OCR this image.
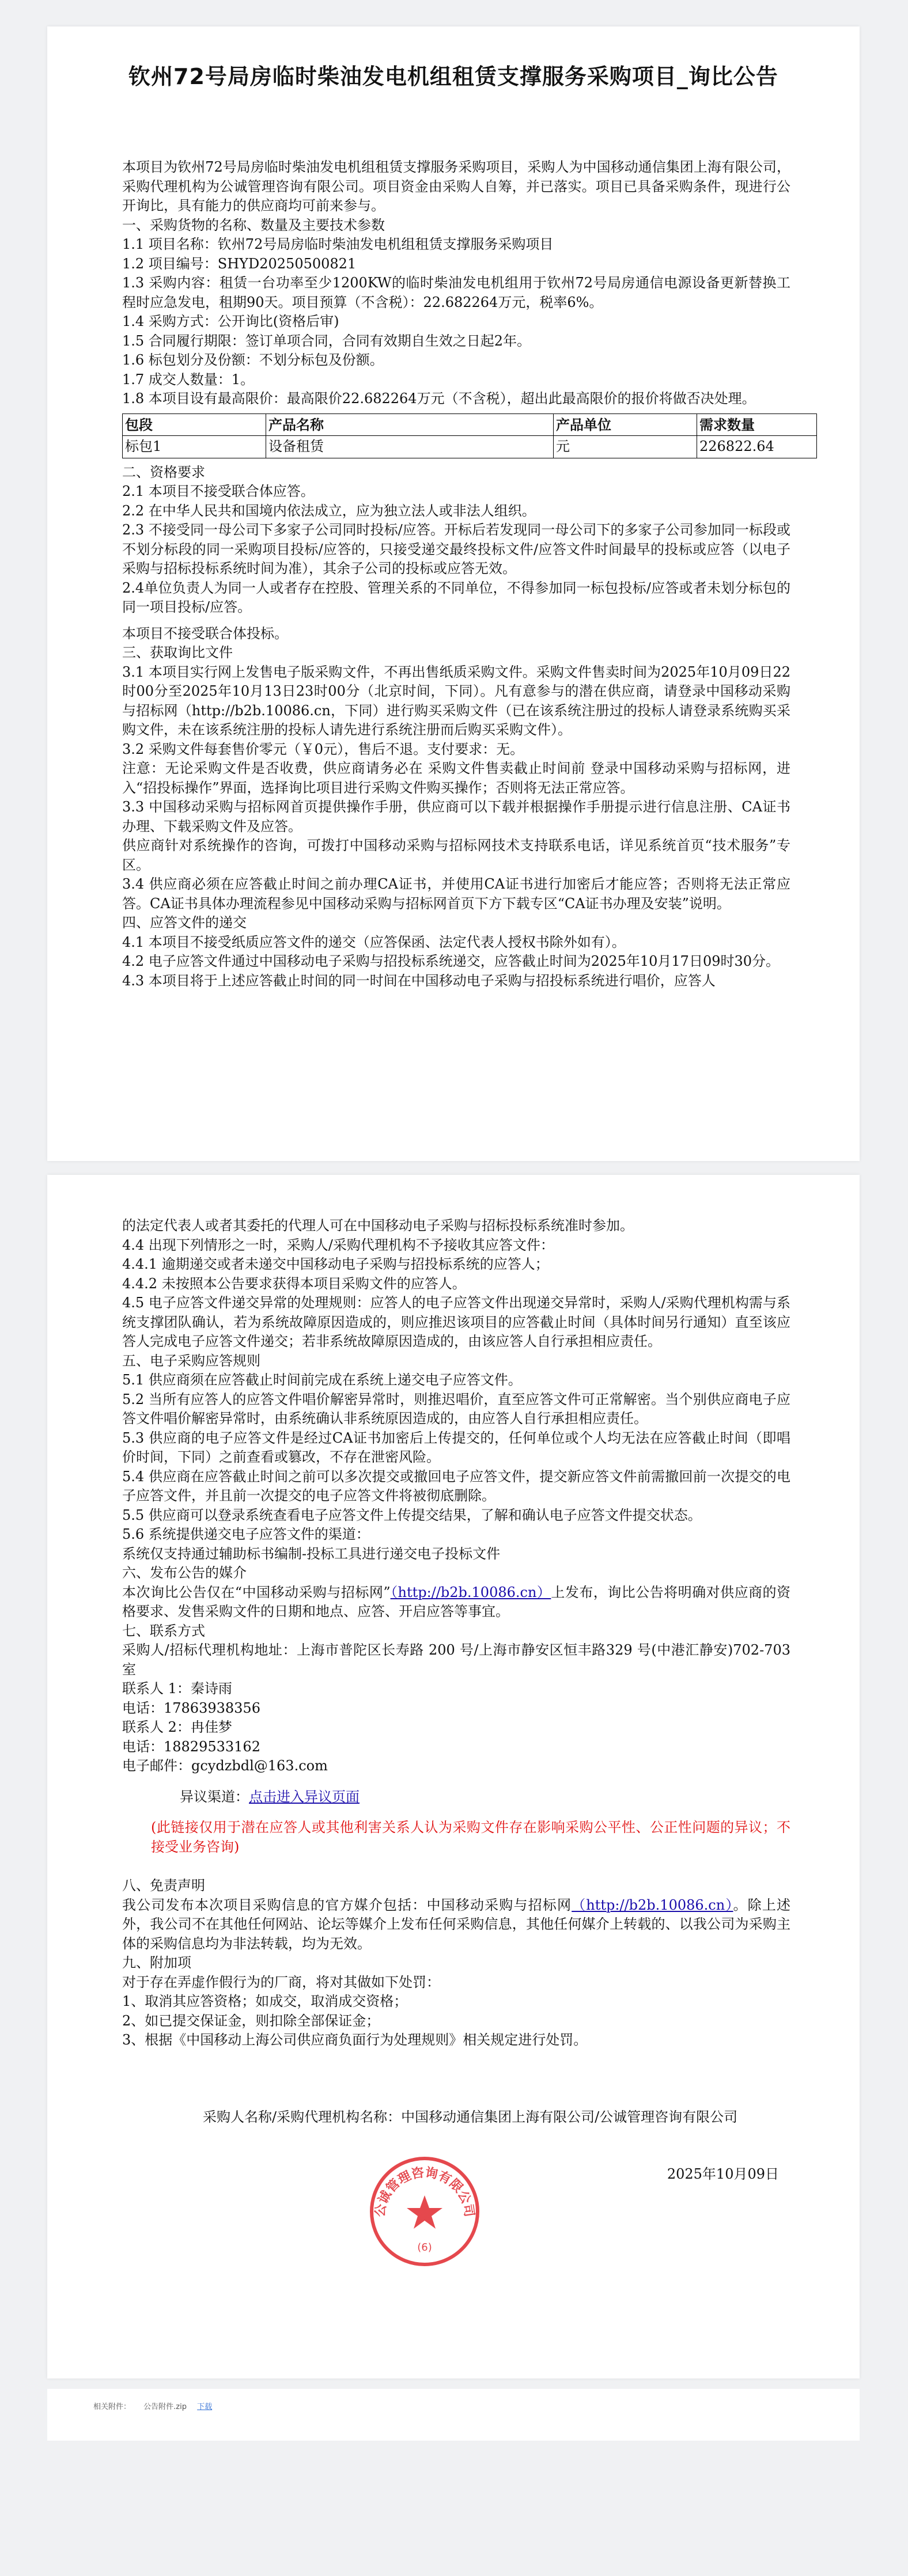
钦州72号局房临时柴油发电机组租赁支撑服务采购项目_询比公告

本项目为钦州72号局房临时柴油发电机组租赁支撑服务采购项目，采购人为中国移动通信集团上海有限公司，采购代理机构为公诚管理咨询有限公司。项目资金由采购人自筹，并已落实。项目已具备采购条件，现进行公开询比，具有能力的供应商均可前来参与。

一、采购货物的名称、数量及主要技术参数

1.1 项目名称：钦州72号局房临时柴油发电机组租赁支撑服务采购项目

1.2 项目编号：SHYD20250500821

1.3 采购内容：租赁一台功率至少1200KW的临时柴油发电机组用于钦州72号局房通信电源设备更新替换工程时应急发电，租期90天。项目预算（不含税）：22.682264万元，税率6%。

1.4 采购方式：公开询比(资格后审)

1.5 合同履行期限：签订单项合同，合同有效期自生效之日起2年。

1.6 标包划分及份额：不划分标包及份额。

1.7 成交人数量：1。

1.8 本项目设有最高限价：最高限价22.682264万元（不含税），超出此最高限价的报价将做否决处理。

包段	产品名称	产品单位	需求数量
标包1	设备租赁	元	226822.64

二、资格要求

2.1 本项目不接受联合体应答。

2.2 在中华人民共和国境内依法成立，应为独立法人或非法人组织。

2.3 不接受同一母公司下多家子公司同时投标/应答。开标后若发现同一母公司下的多家子公司参加同一标段或不划分标段的同一采购项目投标/应答的，只接受递交最终投标文件/应答文件时间最早的投标或应答（以电子采购与招标投标系统时间为准），其余子公司的投标或应答无效。

2.4单位负责人为同一人或者存在控股、管理关系的不同单位，不得参加同一标包投标/应答或者未划分标包的同一项目投标/应答。

本项目不接受联合体投标。

三、获取询比文件

3.1 本项目实行网上发售电子版采购文件，不再出售纸质采购文件。采购文件售卖时间为2025年10月09日22时00分至2025年10月13日23时00分（北京时间，下同）。凡有意参与的潜在供应商，请登录中国移动采购与招标网（http://b2b.10086.cn，下同）进行购买采购文件（已在该系统注册过的投标人请登录系统购买采购文件，未在该系统注册的投标人请先进行系统注册而后购买采购文件）。

3.2 采购文件每套售价零元（￥0元），售后不退。支付要求：无。

注意：无论采购文件是否收费，供应商请务必在 采购文件售卖截止时间前 登录中国移动采购与招标网，进入“招投标操作”界面，选择询比项目进行采购文件购买操作；否则将无法正常应答。

3.3 中国移动采购与招标网首页提供操作手册，供应商可以下载并根据操作手册提示进行信息注册、CA证书办理、下载采购文件及应答。

供应商针对系统操作的咨询，可拨打中国移动采购与招标网技术支持联系电话，详见系统首页“技术服务”专区。

3.4 供应商必须在应答截止时间之前办理CA证书，并使用CA证书进行加密后才能应答；否则将无法正常应答。CA证书具体办理流程参见中国移动采购与招标网首页下方下载专区“CA证书办理及安装”说明。

四、应答文件的递交

4.1 本项目不接受纸质应答文件的递交（应答保函、法定代表人授权书除外如有）。

4.2 电子应答文件通过中国移动电子采购与招投标系统递交，应答截止时间为2025年10月17日09时30分。

4.3 本项目将于上述应答截止时间的同一时间在中国移动电子采购与招投标系统进行唱价，应答人

的法定代表人或者其委托的代理人可在中国移动电子采购与招标投标系统准时参加。

4.4 出现下列情形之一时，采购人/采购代理机构不予接收其应答文件：

4.4.1 逾期递交或者未递交中国移动电子采购与招投标系统的应答人；

4.4.2 未按照本公告要求获得本项目采购文件的应答人。

4.5 电子应答文件递交异常的处理规则：应答人的电子应答文件出现递交异常时，采购人/采购代理机构需与系统支撑团队确认，若为系统故障原因造成的，则应推迟该项目的应答截止时间（具体时间另行通知）直至该应答人完成电子应答文件递交；若非系统故障原因造成的，由该应答人自行承担相应责任。

五、电子采购应答规则

5.1 供应商须在应答截止时间前完成在系统上递交电子应答文件。

5.2 当所有应答人的应答文件唱价解密异常时，则推迟唱价，直至应答文件可正常解密。当个别供应商电子应答文件唱价解密异常时，由系统确认非系统原因造成的，由应答人自行承担相应责任。

5.3 供应商的电子应答文件是经过CA证书加密后上传提交的，任何单位或个人均无法在应答截止时间（即唱价时间，下同）之前查看或篡改，不存在泄密风险。

5.4 供应商在应答截止时间之前可以多次提交或撤回电子应答文件，提交新应答文件前需撤回前一次提交的电子应答文件，并且前一次提交的电子应答文件将被彻底删除。

5.5 供应商可以登录系统查看电子应答文件上传提交结果，了解和确认电子应答文件提交状态。

5.6 系统提供递交电子应答文件的渠道：

系统仅支持通过辅助标书编制-投标工具进行递交电子投标文件

六、发布公告的媒介

本次询比公告仅在“中国移动采购与招标网”（http://b2b.10086.cn）上发布，询比公告将明确对供应商的资格要求、发售采购文件的日期和地点、应答、开启应答等事宜。

七、联系方式

采购人/招标代理机构地址：上海市普陀区长寿路 200 号/上海市静安区恒丰路329 号(中港汇静安)702-703 室

联系人 1：秦诗雨

电话：17863938356

联系人 2：冉佳梦

电话：18829533162

电子邮件：gcydzbdl@163.com

异议渠道：点击进入异议页面

(此链接仅用于潜在应答人或其他利害关系人认为采购文件存在影响采购公平性、公正性问题的异议；不接受业务咨询)

八、免责声明

我公司发布本次项目采购信息的官方媒介包括：中国移动采购与招标网（http://b2b.10086.cn）。除上述外，我公司不在其他任何网站、论坛等媒介上发布任何采购信息，其他任何媒介上转载的、以我公司为采购主体的采购信息均为非法转载，均为无效。

九、附加项

对于存在弄虚作假行为的厂商，将对其做如下处罚：

1、取消其应答资格；如成交，取消成交资格；

2、如已提交保证金，则扣除全部保证金；

3、根据《中国移动上海公司供应商负面行为处理规则》相关规定进行处罚。

采购人名称/采购代理机构名称：中国移动通信集团上海有限公司/公诚管理咨询有限公司

2025年10月09日

公诚管理咨询有限公司
(6)
相关附件： 公告附件.zip 下载
